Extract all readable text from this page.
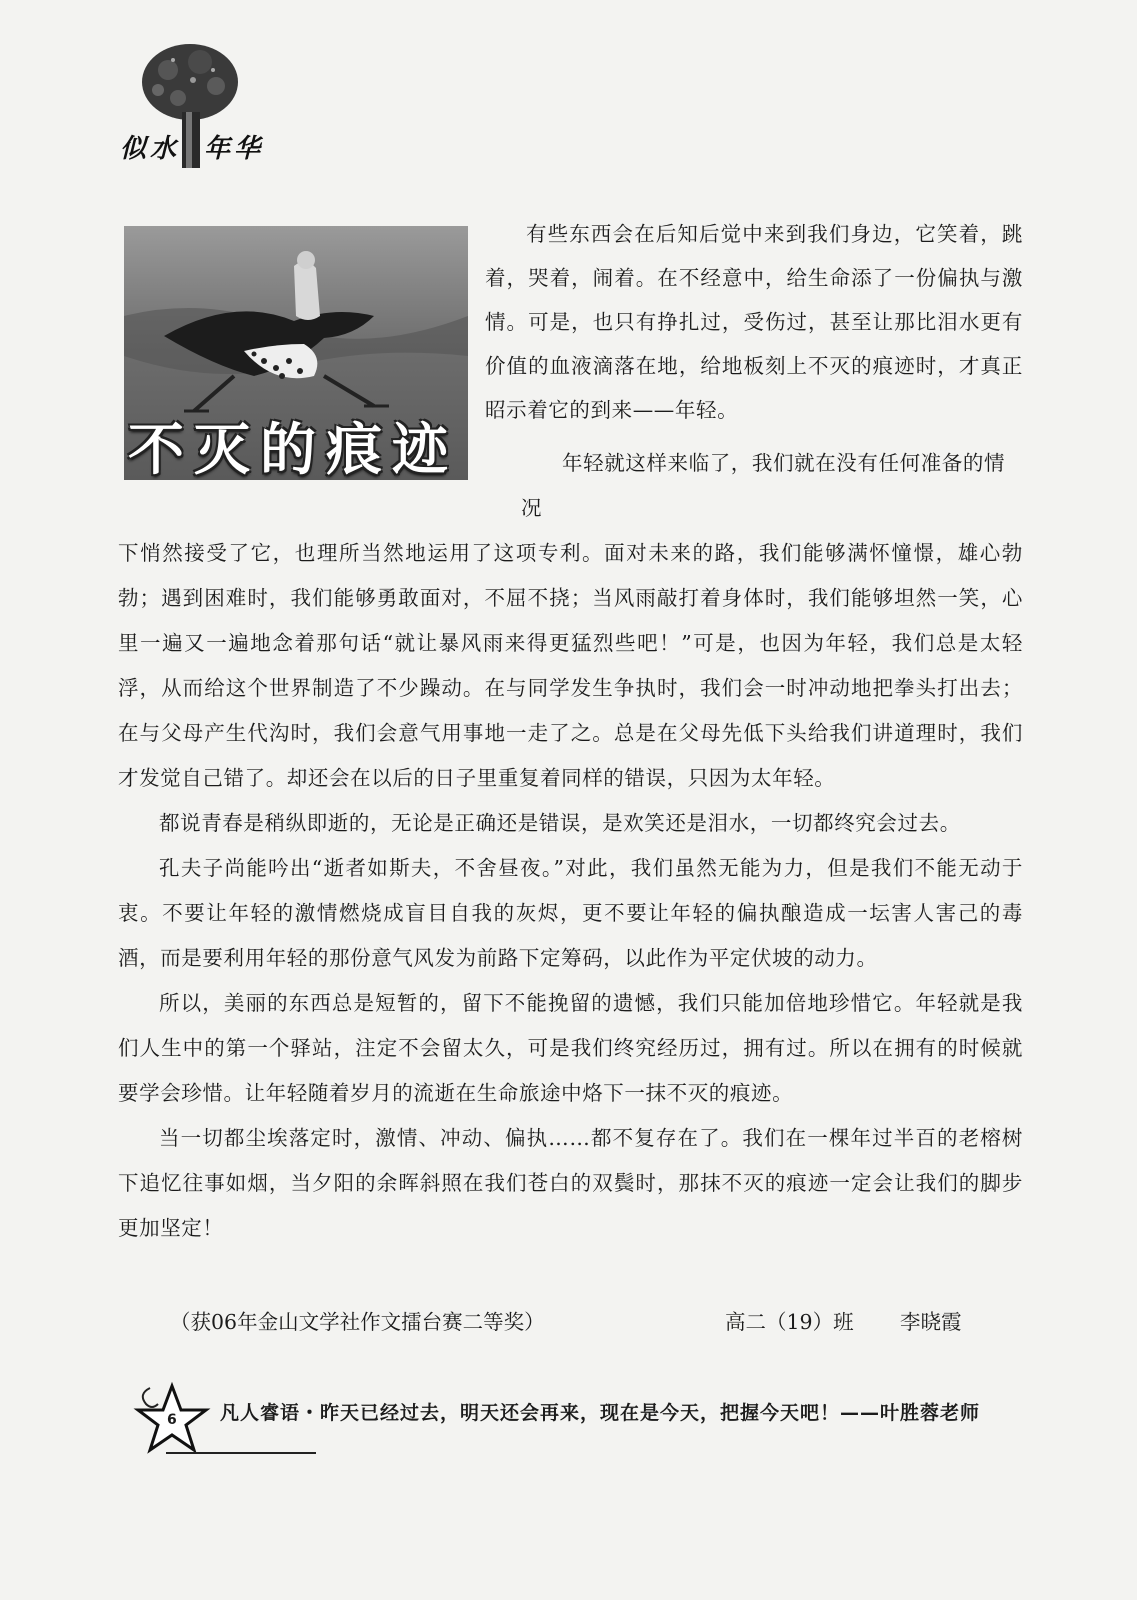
似水 年华
不灭的痕迹

有些东西会在后知后觉中来到我们身边，它笑着，跳着，哭着，闹着。在不经意中，给生命添了一份偏执与激情。可是，也只有挣扎过，受伤过，甚至让那比泪水更有价值的血液滴落在地，给地板刻上不灭的痕迹时，才真正昭示着它的到来——年轻。

年轻就这样来临了，我们就在没有任何准备的情况

下悄然接受了它，也理所当然地运用了这项专利。面对未来的路，我们能够满怀憧憬，雄心勃勃；遇到困难时，我们能够勇敢面对，不屈不挠；当风雨敲打着身体时，我们能够坦然一笑，心里一遍又一遍地念着那句话“就让暴风雨来得更猛烈些吧！”可是，也因为年轻，我们总是太轻浮，从而给这个世界制造了不少躁动。在与同学发生争执时，我们会一时冲动地把拳头打出去；在与父母产生代沟时，我们会意气用事地一走了之。总是在父母先低下头给我们讲道理时，我们才发觉自己错了。却还会在以后的日子里重复着同样的错误，只因为太年轻。

都说青春是稍纵即逝的，无论是正确还是错误，是欢笑还是泪水，一切都终究会过去。

孔夫子尚能吟出“逝者如斯夫，不舍昼夜。”对此，我们虽然无能为力，但是我们不能无动于衷。不要让年轻的激情燃烧成盲目自我的灰烬，更不要让年轻的偏执酿造成一坛害人害己的毒酒，而是要利用年轻的那份意气风发为前路下定筹码，以此作为平定伏坡的动力。

所以，美丽的东西总是短暂的，留下不能挽留的遗憾，我们只能加倍地珍惜它。年轻就是我们人生中的第一个驿站，注定不会留太久，可是我们终究经历过，拥有过。所以在拥有的时候就要学会珍惜。让年轻随着岁月的流逝在生命旅途中烙下一抹不灭的痕迹。

当一切都尘埃落定时，激情、冲动、偏执……都不复存在了。我们在一棵年过半百的老榕树下追忆往事如烟，当夕阳的余晖斜照在我们苍白的双鬓时，那抹不灭的痕迹一定会让我们的脚步更加坚定！

（获06年金山文学社作文擂台赛二等奖）	高二（19）班 李晓霞
6 凡人睿语・昨天已经过去，明天还会再来，现在是今天，把握今天吧！——叶胜蓉老师
